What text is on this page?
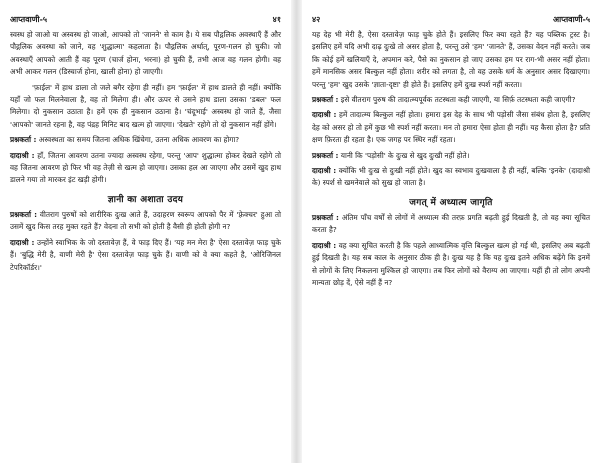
आप्तवाणी-५	४१

स्वस्थ हो जाओ या अस्वस्थ हो जाओ, आपको तो 'जानने' से काम है। ये सब पौद्गलिक अवस्थाएँ हैं और पौद्गलिक अवस्था को जाने, वह 'शुद्धात्मा' कहलाता है। पौद्गलिक अर्थात्, पूरण-गलन हो चुकी। जो अवस्थाएँ आपको आती हैं वह पूरण (चार्ज होना, भरना) हो चुकी हैं, तभी आज वह गलन होगी। वह अभी आकर गलन (डिस्चार्ज होना, खाली होना) हो जाएगी।

'फ़ाईल' में हाथ डाला तो जले बगैर रहेगा ही नहीं। हम 'फ़ाईल' में हाथ डालते ही नहीं। क्योंकि यहाँ जो फल मिलनेवाला है, वह तो मिलेगा ही। और ऊपर से उसने हाथ डाला उसका 'डबल' फल मिलेगा। दो नुकसान उठाता है। हमें एक ही नुकसान उठाना है। 'चंदूभाई' अस्वस्थ हो जाते हैं, जैसा 'आपको' जानते रहना है, वह पंद्रह मिनिट बाद खत्म हो जाएगा। 'देखते' रहोगे तो दो नुकसान नहीं होंगे।

प्रश्नकर्ता : अस्वस्थता का समय जितना अधिक खिंचेगा, उतना अधिक आवरण का होगा?

दादाश्री : हाँ, जितना आवरण उतना ज्यादा अस्वस्थ रहेगा, परन्तु 'आप' शुद्धात्मा होकर देखते रहोगे तो वह जितना आवरण हो फिर भी वह तेज़ी से खत्म हो जाएगा। उसका हल आ जाएगा और उसमें खुद हाथ डालने गया तो मारकर इंट खड़ी होगी।

ज्ञानी का अशाता उदय

प्रश्नकर्ता : वीतराग पुरुषों को शारीरिक दुःख आते हैं, उदाहरण स्वरूप आपको पैर में 'फ़्रेक्चर' हुआ तो उसमें खुद किस तरह मुक्त रहते हैं? वेदना तो सभी को होती है वैसी ही होती होगी न?

दादाश्री : उन्होंने स्वाभिक के जो दस्तावेज़ हैं, वे फाड़ दिए हैं। 'यह मन मेरा है' ऐसा दस्तावेज़ फाड़ चुके हैं। 'बुद्धि मेरी है, वाणी मेरी है' ऐसा दस्तावेज़ फाड़ चुके हैं। वाणी को वे क्या कहते है, 'ओरिजिनल टेपरिकॉर्डर।'

४२	आप्तवाणी-५

यह देह भी मेरी है, ऐसा दस्तावेज़ फाड़ चुके होते हैं। इसलिए फिर क्या रहते हैं? यह पब्लिक ट्रस्ट है। इसलिए हमें यदि अभी दाढ़ दुःखे तो असर होता है, परन्तु उसे 'हम' 'जानते' हैं, उसका वेदन नहीं करते। जब कि कोई हमें खलियाएँ दे, अपमान करे, पैसे का नुकसान हो जाए उसका हम पर राग-भी असर नहीं होता। हमें मानसिक असर बिल्कुल नहीं होता। शरीर को लगता है, तो वह उसके धर्म के अनुसार असर दिखाएगा। परन्तु 'हम' खुद उसके 'ज्ञाता-दृष्टा' ही होते हैं। इसलिए हमें दुःख स्पर्श नहीं करता।

प्रश्नकर्ता : इसे वीतराग पुरुष की तादात्म्यपूर्वक तटस्थता कही जाएगी, या सिर्फ़ तटस्थता कही जाएगी?

दादाश्री : हमें तादात्म्य बिल्कुल नहीं होता। हमारा इस देह के साथ भी पड़ोसी जैसा संबंध होता है, इसलिए देह को असर हो तो हमें कुछ भी स्पर्श नहीं करता। मन तो हमारा ऐसा होता ही नहीं। यह कैसा होता है? प्रति क्षण फ़िरता ही रहता है। एक जगह पर स्थिर नहीं रहता।

प्रश्नकर्ता : यानी कि 'पड़ोसी' के दुःख से खुद दुःखी नहीं होते।

दादाश्री : क्योंकि भी दुःख से दुःखी नहीं होते। खुद का स्वभाव दुःखवाला है ही नहीं, बल्कि 'इनके' (दादाश्री के) स्पर्श से खमनेवाले को सुख हो जाता है।

जगत् में अध्यात्म जागृति

प्रश्नकर्ता : अंतिम पाँच वर्षों से लोगों में अध्यात्म की तरफ़ प्रगति बढ़ती हुई दिखती है, तो वह क्या सूचित करता है?

दादाश्री : वह क्या सूचित करती है कि पहले आध्यात्मिक वृत्ति बिल्कुल खत्म हो गई थी, इसलिए अब बढ़ती हुई दिखती है। यह सब काल के अनुसार ठीक ही है। दुःख यह है कि यह दुःख इतने अधिक बढ़ेंगे कि इनमें से लोगों के लिए निकलना मुश्किल हो जाएगा। तब फिर लोगों को वैराग्य आ जाएगा। यहीं ही तो लोग अपनी मान्यता छोड़ दें, ऐसे नहीं हैं न?
